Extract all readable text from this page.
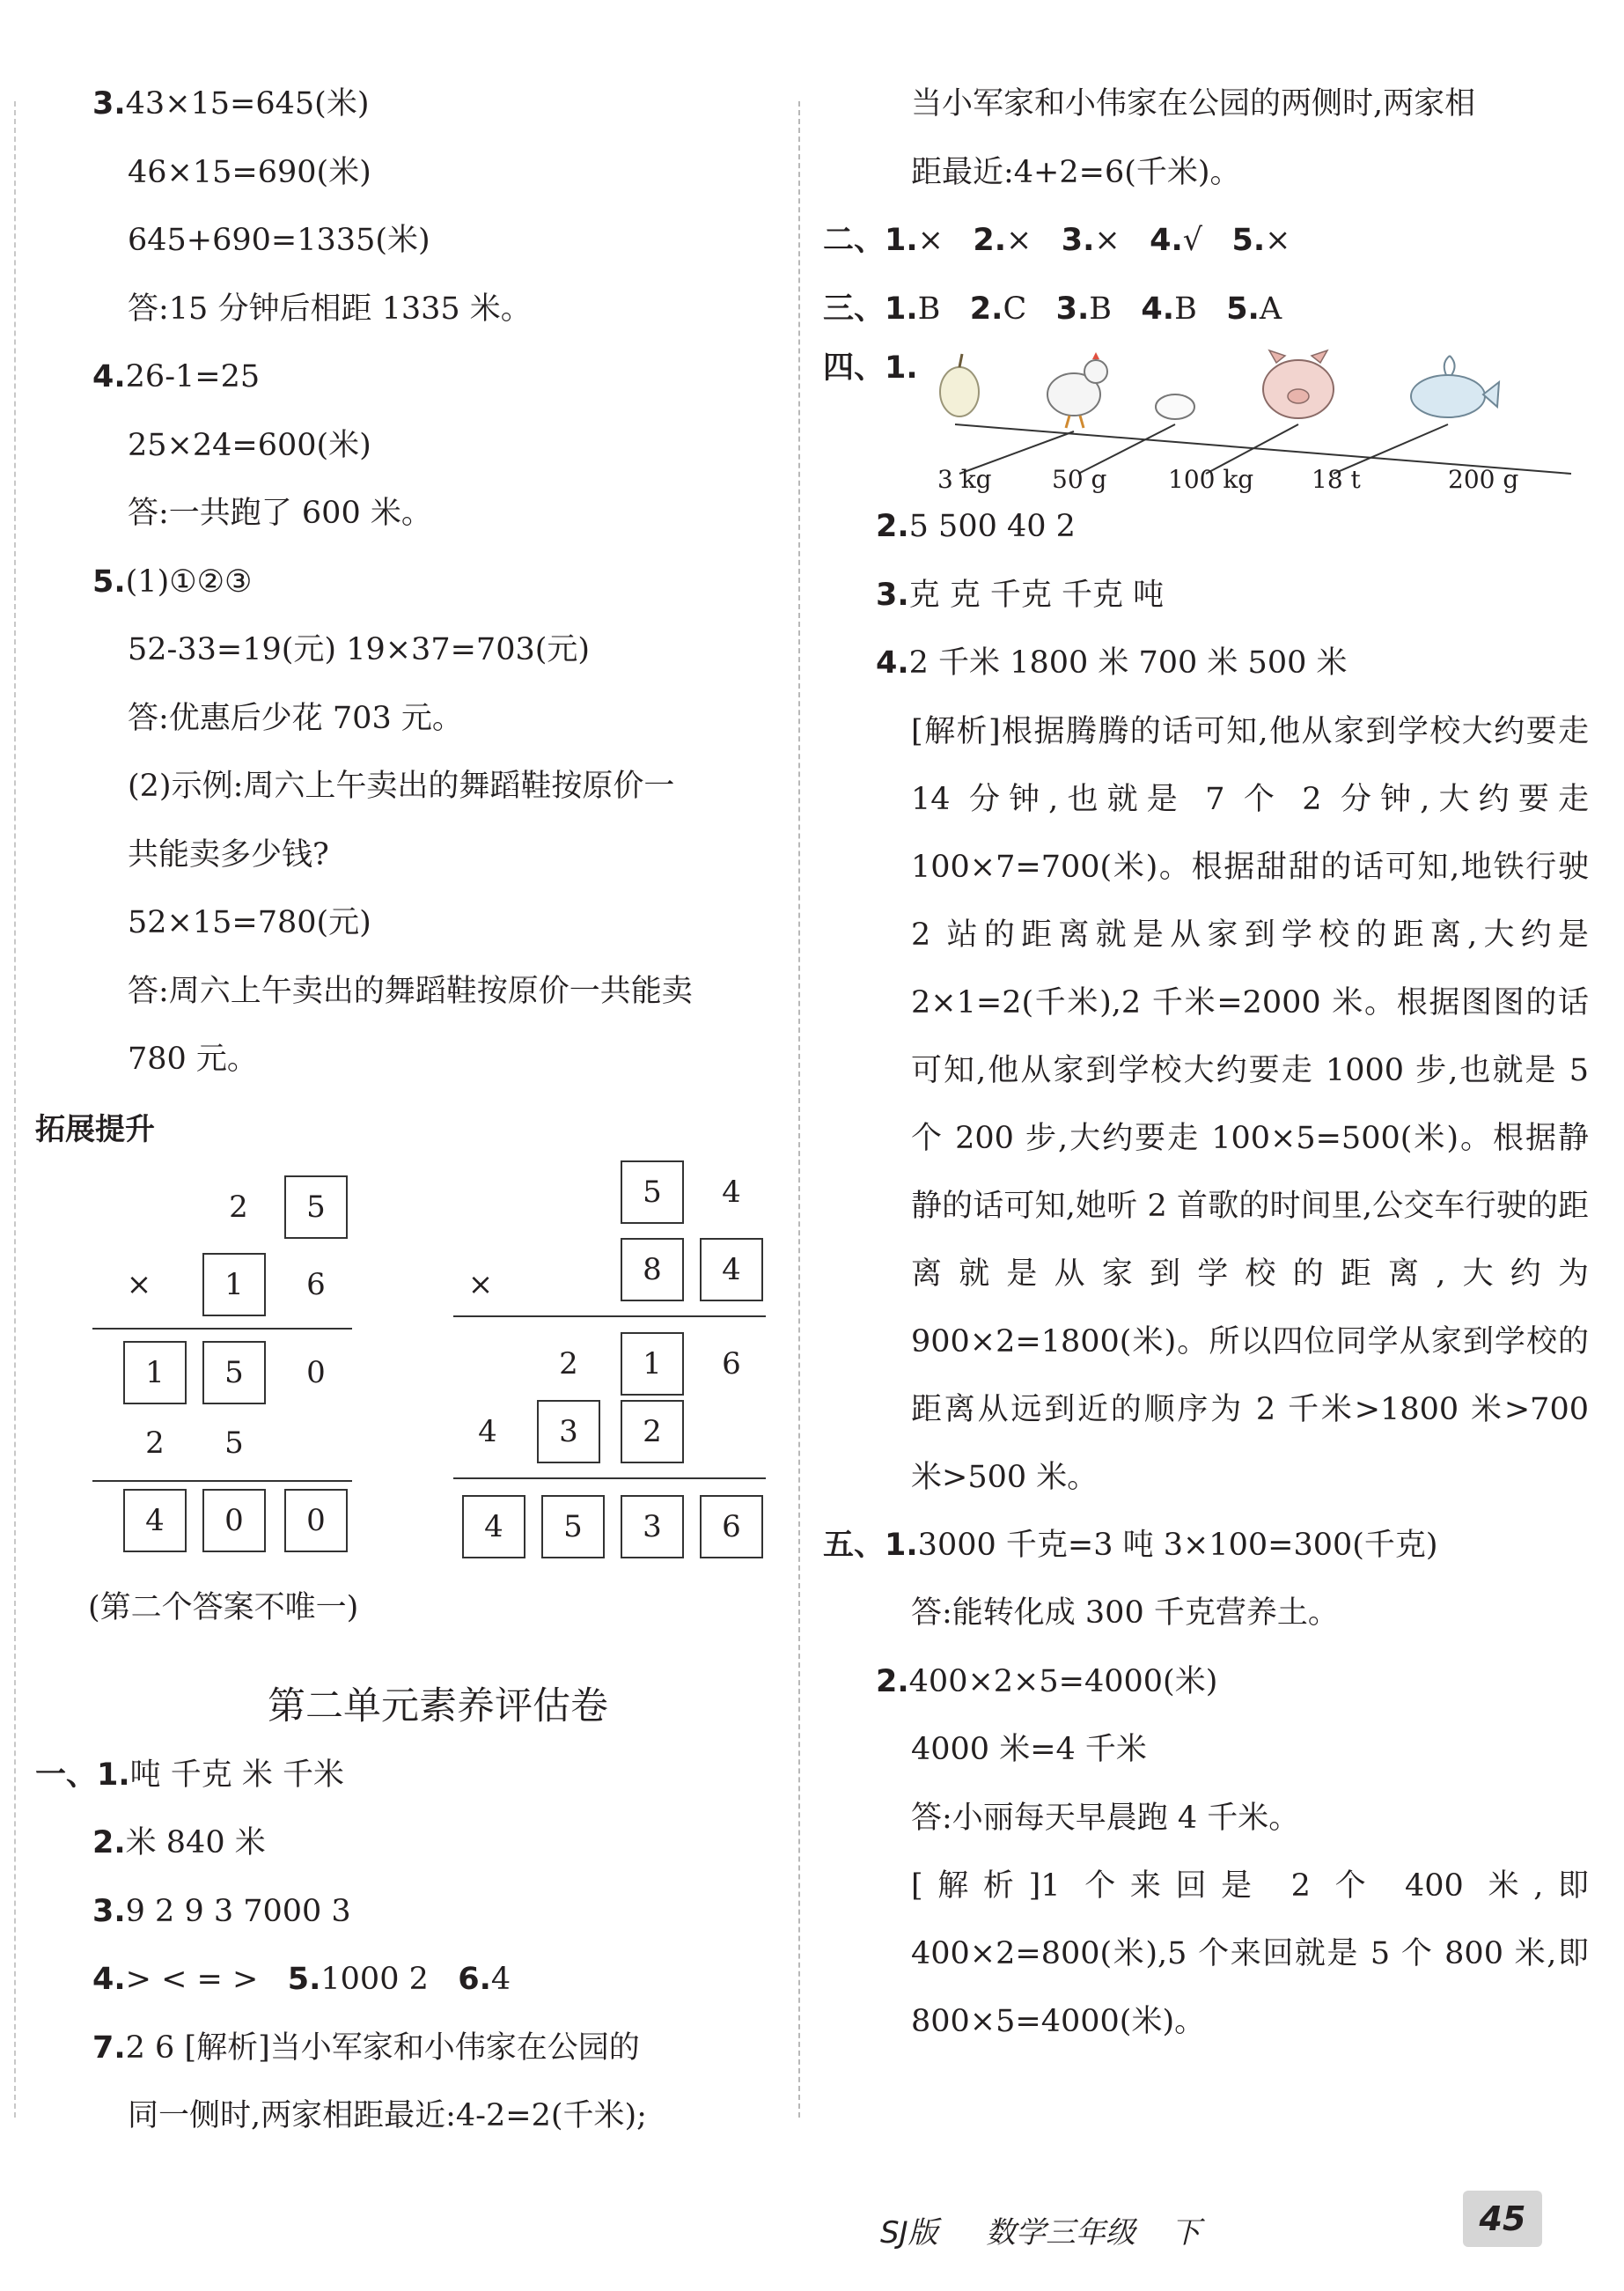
3.43×15=645(米)
46×15=690(米)
645+690=1335(米)
答:15 分钟后相距 1335 米。
4.26-1=25
25×24=600(米)
答:一共跑了 600 米。
5.(1)①②③
52-33=19(元) 19×37=703(元)
答:优惠后少花 703 元。
(2)示例:周六上午卖出的舞蹈鞋按原价一
共能卖多少钱?
52×15=780(元)
答:周六上午卖出的舞蹈鞋按原价一共能卖
780 元。
拓展提升
2	5
×	1	6
1	5	0
2	5
4	0	0
5	4
×	8	4
2	1	6
4	3	2
4	5	3	6
(第二个答案不唯一)
第二单元素养评估卷
一、1.吨 千克 米 千米
2.米 840 米
3.9 2 9 3 7000 3
4.> < = > 5.1000 2 6.4
7.2 6 [解析]当小军家和小伟家在公园的
同一侧时,两家相距最近:4-2=2(千米);
当小军家和小伟家在公园的两侧时,两家相
距最近:4+2=6(千米)。
二、1.× 2.× 3.× 4.√ 5.×
三、1.B 2.C 3.B 4.B 5.A
四、1.
3 kg 50 g 100 kg 18 t	200 g
2.5 500 40 2
3.克 克 千克 千克 吨
4.2 千米 1800 米 700 米 500 米
[解析]根据腾腾的话可知,他从家到学校大约要走 14 分钟,也就是 7 个 2 分钟,大约要走 100×7=700(米)。根据甜甜的话可知,地铁行驶 2 站的距离就是从家到学校的距离,大约是 2×1=2(千米),2 千米=2000 米。根据图图的话可知,他从家到学校大约要走 1000 步,也就是 5 个 200 步,大约要走 100×5=500(米)。根据静静的话可知,她听 2 首歌的时间里,公交车行驶的距离就是从家到学校的距离,大约为 900×2=1800(米)。所以四位同学从家到学校的距离从远到近的顺序为 2 千米>1800 米>700 米>500 米。
五、1.3000 千克=3 吨 3×100=300(千克)
答:能转化成 300 千克营养土。
2.400×2×5=4000(米)
4000 米=4 千米
答:小丽每天早晨跑 4 千米。
[解析]1 个来回是 2 个 400 米,即 400×2=800(米),5 个来回就是 5 个 800 米,即 800×5=4000(米)。
SJ版 数学三年级 下	45
